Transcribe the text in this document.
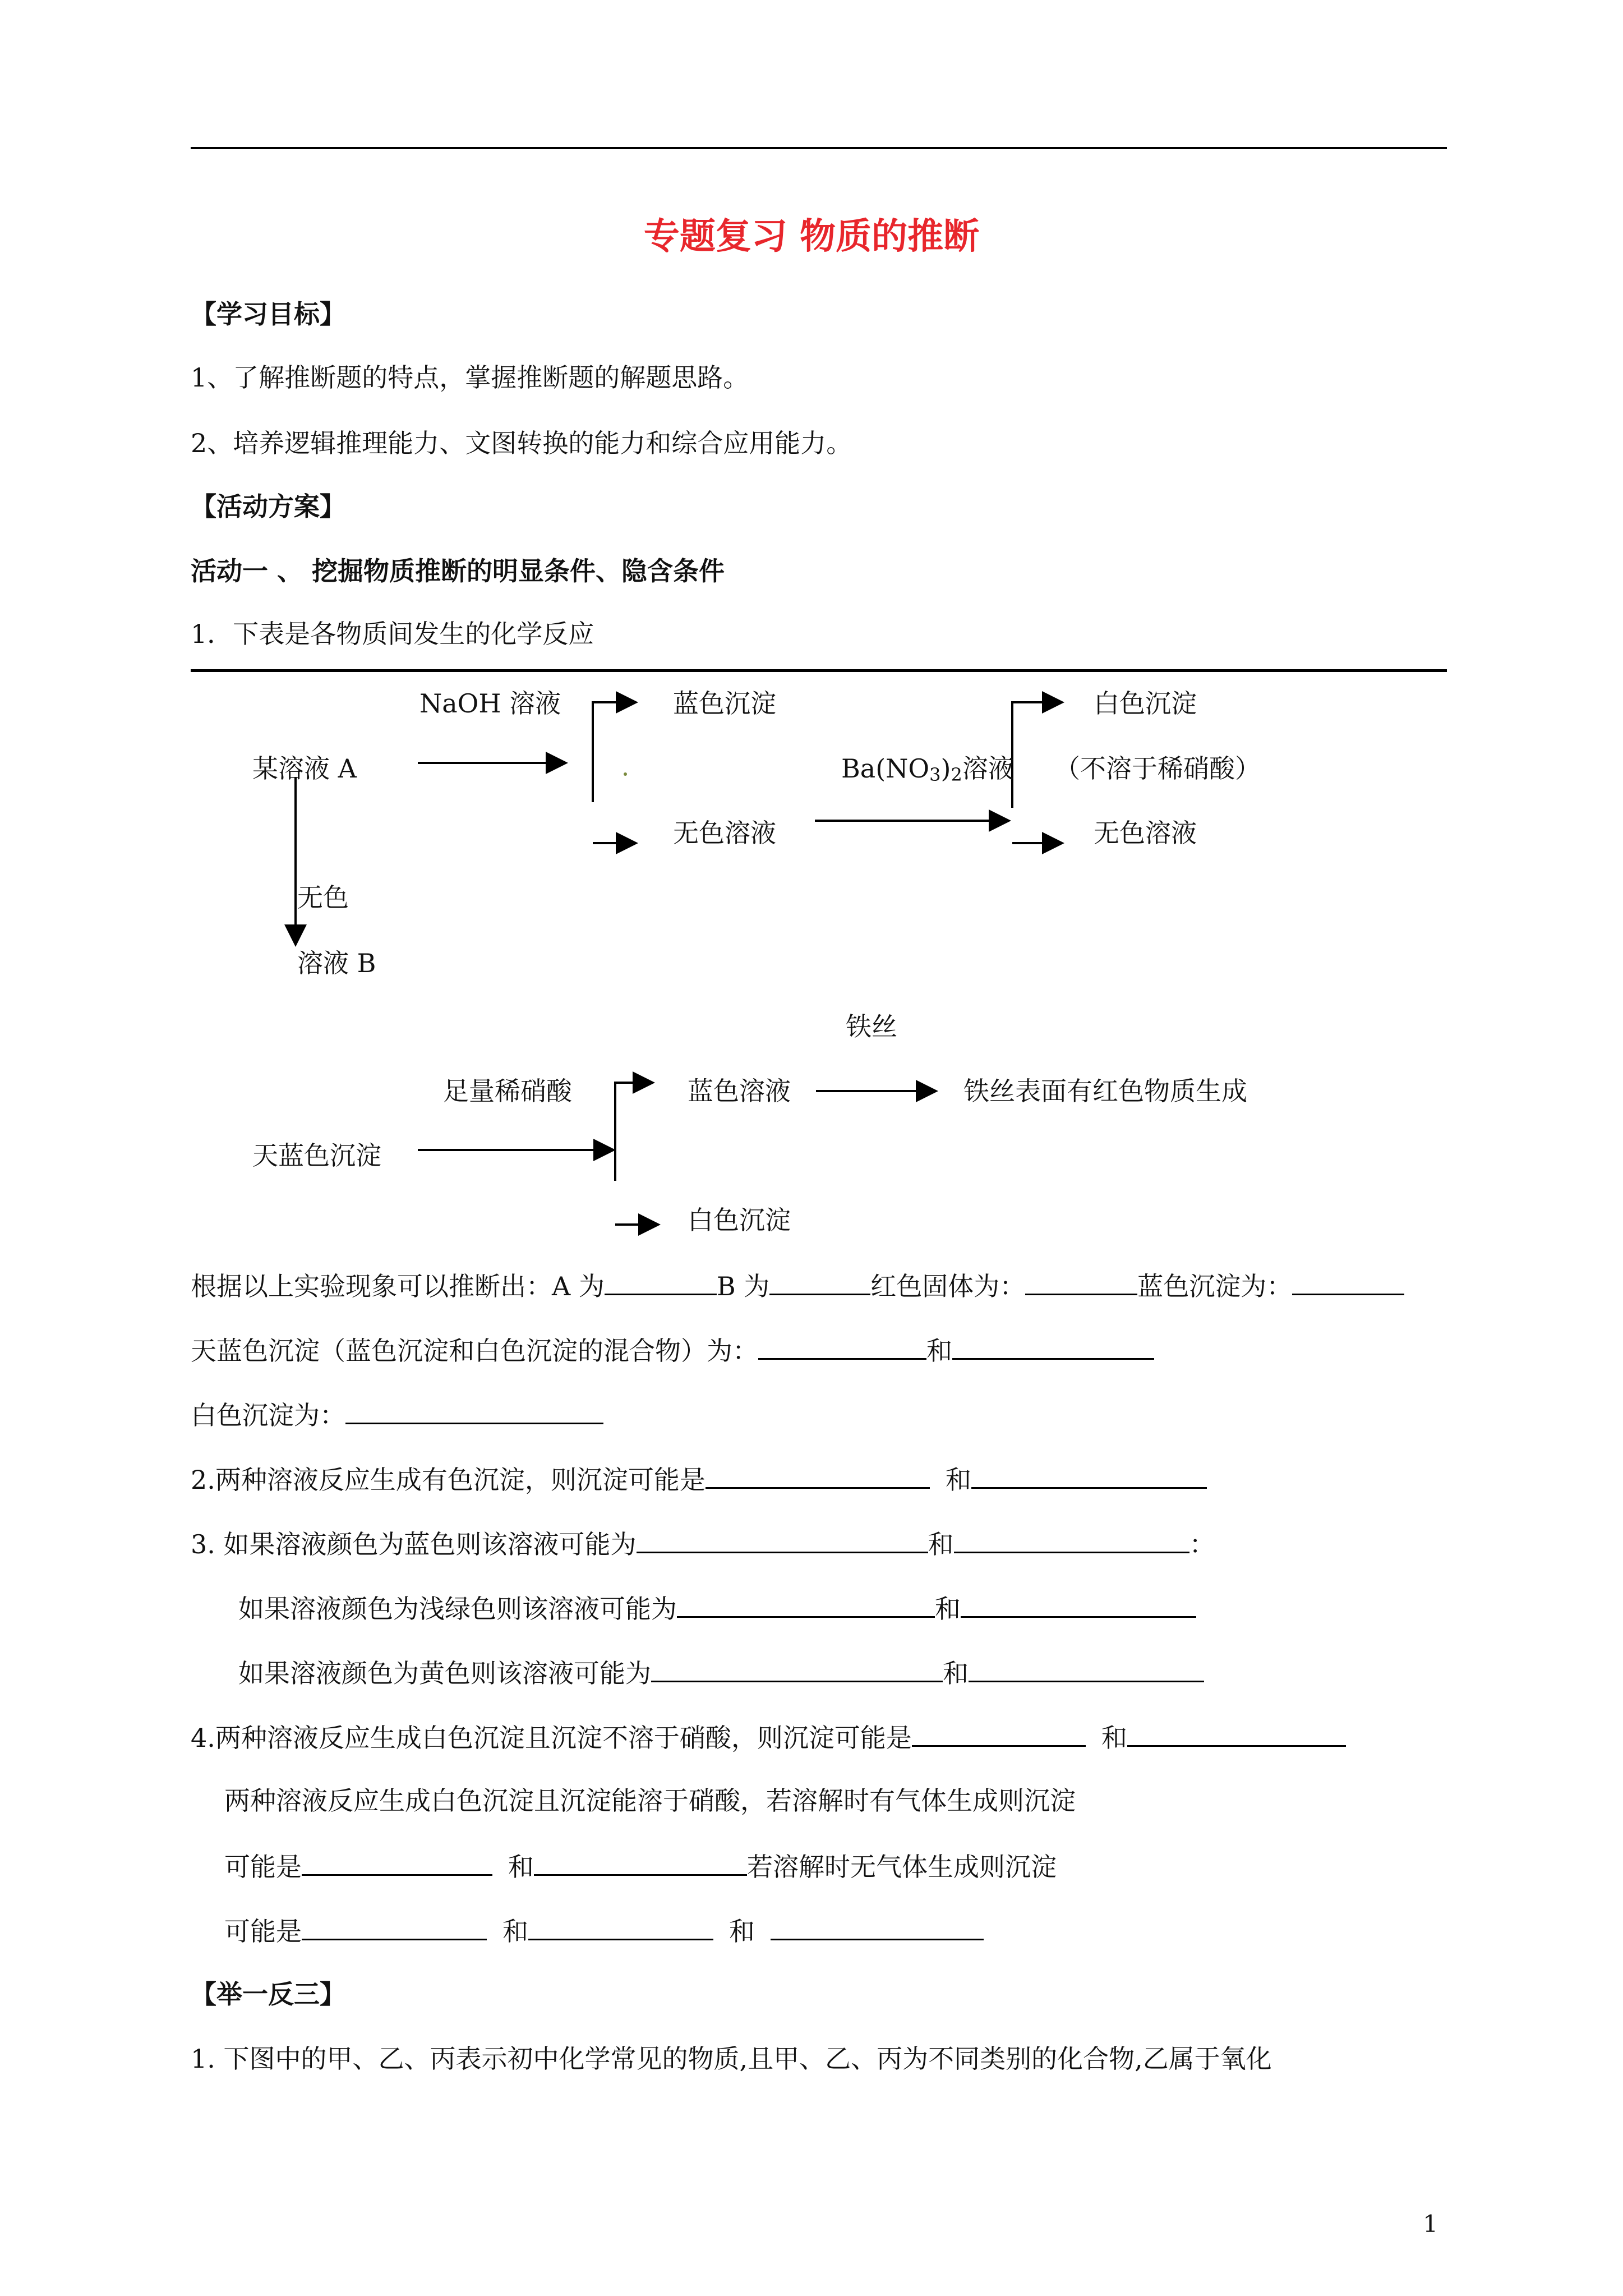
专题复习 物质的推断
【学习目标】
1、了解推断题的特点，掌握推断题的解题思路。
2、培养逻辑推理能力、文图转换的能力和综合应用能力。
【活动方案】
活动一 、 挖掘物质推断的明显条件、隐含条件
1．下表是各物质间发生的化学反应
NaOH 溶液
某溶液 A
蓝色沉淀
无色溶液
Ba(NO3)2溶液
白色沉淀
（不溶于稀硝酸）
无色溶液
无色
溶液 B
铁丝
足量稀硝酸	蓝色溶液	铁丝表面有红色物质生成
天蓝色沉淀
白色沉淀
根据以上实验现象可以推断出：A 为	B 为	红色固体为：	蓝色沉淀为：
天蓝色沉淀（蓝色沉淀和白色沉淀的混合物）为：	和
白色沉淀为：
2.两种溶液反应生成有色沉淀，则沉淀可能是	和
3. 如果溶液颜色为蓝色则该溶液可能为	和	：
如果溶液颜色为浅绿色则该溶液可能为	和
如果溶液颜色为黄色则该溶液可能为	和
4.两种溶液反应生成白色沉淀且沉淀不溶于硝酸，则沉淀可能是	和
两种溶液反应生成白色沉淀且沉淀能溶于硝酸，若溶解时有气体生成则沉淀
可能是	和	若溶解时无气体生成则沉淀
可能是	和	和
【举一反三】
1. 下图中的甲、乙、丙表示初中化学常见的物质,且甲、乙、丙为不同类别的化合物,乙属于氧化
1
